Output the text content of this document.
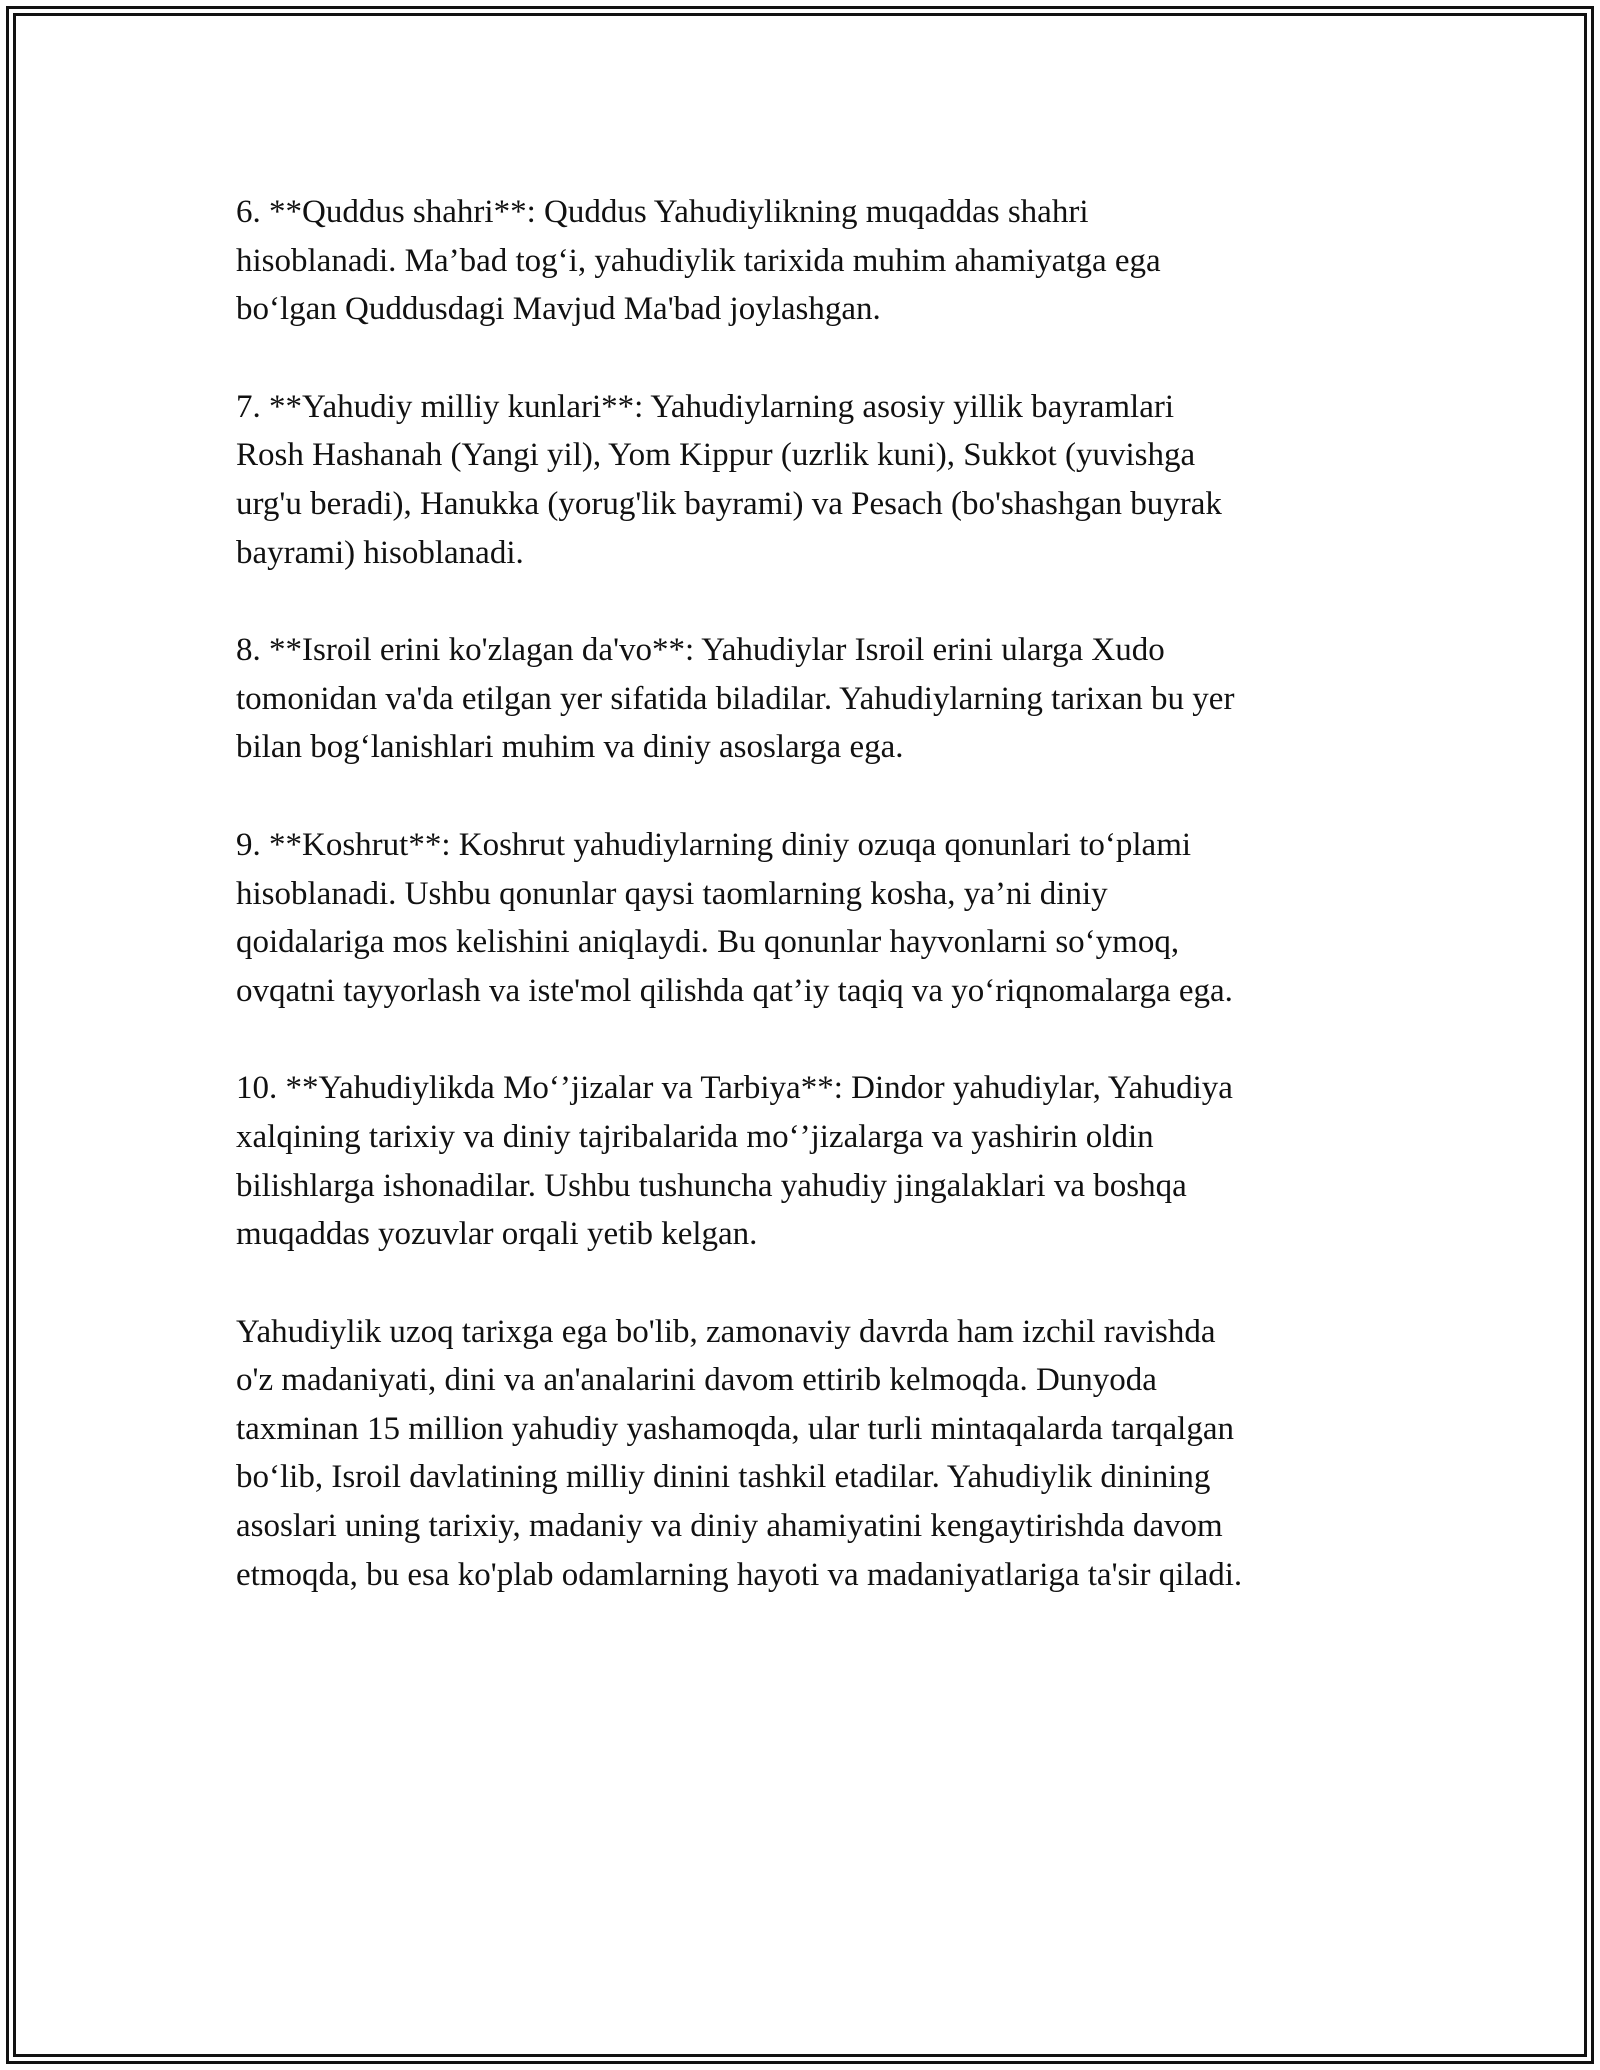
6. **Quddus shahri**: Quddus Yahudiylikning muqaddas shahri
hisoblanadi. Ma’bad tog‘i, yahudiylik tarixida muhim ahamiyatga ega
bo‘lgan Quddusdagi Mavjud Ma'bad joylashgan.

7. **Yahudiy milliy kunlari**: Yahudiylarning asosiy yillik bayramlari
Rosh Hashanah (Yangi yil), Yom Kippur (uzrlik kuni), Sukkot (yuvishga
urg'u beradi), Hanukka (yorug'lik bayrami) va Pesach (bo'shashgan buyrak
bayrami) hisoblanadi.

8. **Isroil erini ko'zlagan da'vo**: Yahudiylar Isroil erini ularga Xudo
tomonidan va'da etilgan yer sifatida biladilar. Yahudiylarning tarixan bu yer
bilan bog‘lanishlari muhim va diniy asoslarga ega.

9. **Koshrut**: Koshrut yahudiylarning diniy ozuqa qonunlari to‘plami
hisoblanadi. Ushbu qonunlar qaysi taomlarning kosha, ya’ni diniy
qoidalariga mos kelishini aniqlaydi. Bu qonunlar hayvonlarni so‘ymoq,
ovqatni tayyorlash va iste'mol qilishda qat’iy taqiq va yo‘riqnomalarga ega.

10. **Yahudiylikda Mo‘’jizalar va Tarbiya**: Dindor yahudiylar, Yahudiya
xalqining tarixiy va diniy tajribalarida mo‘’jizalarga va yashirin oldin
bilishlarga ishonadilar. Ushbu tushuncha yahudiy jingalaklari va boshqa
muqaddas yozuvlar orqali yetib kelgan.

Yahudiylik uzoq tarixga ega bo'lib, zamonaviy davrda ham izchil ravishda
o'z madaniyati, dini va an'analarini davom ettirib kelmoqda. Dunyoda
taxminan 15 million yahudiy yashamoqda, ular turli mintaqalarda tarqalgan
bo‘lib, Isroil davlatining milliy dinini tashkil etadilar. Yahudiylik dinining
asoslari uning tarixiy, madaniy va diniy ahamiyatini kengaytirishda davom
etmoqda, bu esa ko'plab odamlarning hayoti va madaniyatlariga ta'sir qiladi.
